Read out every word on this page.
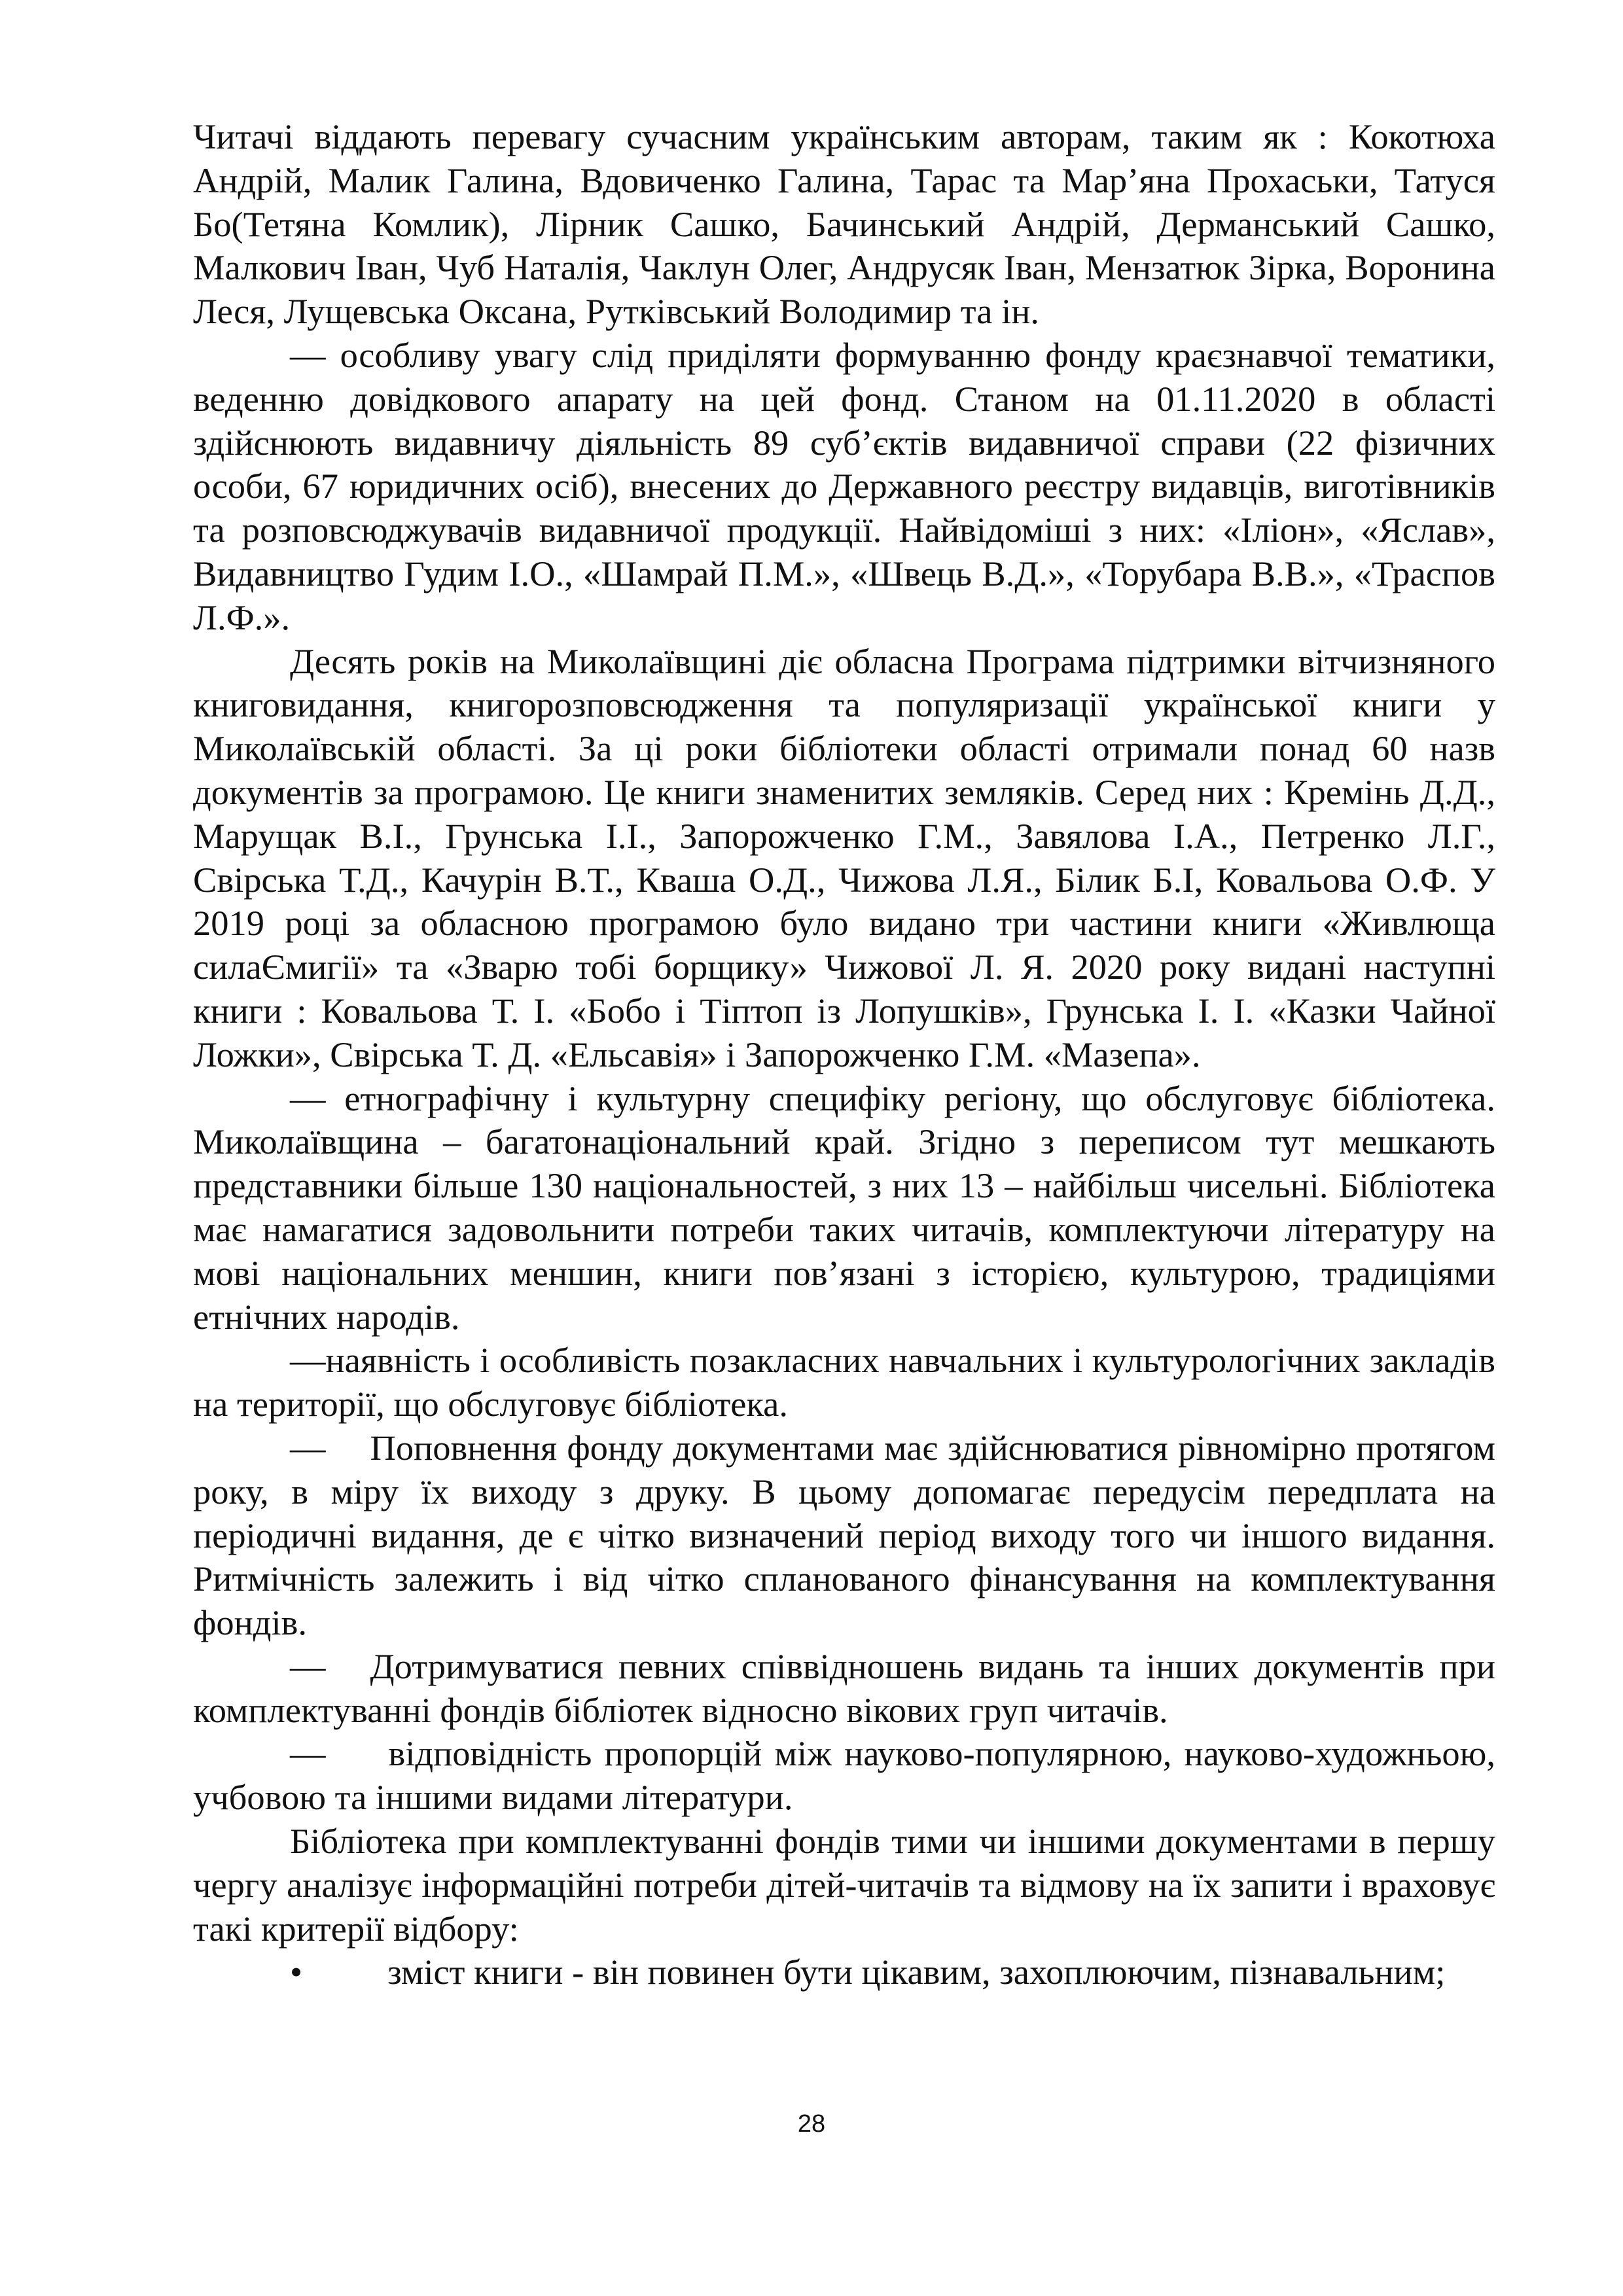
Читачі віддають перевагу сучасним українським авторам, таким як : Кокотюха Андрій, Малик Галина, Вдовиченко Галина, Тарас та Мар’яна Прохаськи, Татуся Бо(Тетяна Комлик), Лірник Сашко, Бачинський Андрій, Дерманський Сашко, Малкович Іван, Чуб Наталія, Чаклун Олег, Андрусяк Іван, Мензатюк Зірка, Воронина Леся, Лущевська Оксана, Рутківський Володимир та ін.

— особливу увагу слід приділяти формуванню фонду краєзнавчої тематики, веденню довідкового апарату на цей фонд. Станом на 01.11.2020 в області здійснюють видавничу діяльність 89 суб’єктів видавничої справи (22 фізичних особи, 67 юридичних осіб), внесених до Державного реєстру видавців, виготівників та розповсюджувачів видавничої продукції. Найвідоміші з них: «Іліон», «Яслав», Видавництво Гудим І.О., «Шамрай П.М.», «Швець В.Д.», «Торубара В.В.», «Траспов Л.Ф.».

Десять років на Миколаївщині діє обласна Програма підтримки вітчизняного книговидання, книгорозповсюдження та популяризації української книги у Миколаївській області. За ці роки бібліотеки області отримали понад 60 назв документів за програмою. Це книги знаменитих земляків. Серед них : Кремінь Д.Д., Марущак В.І., Грунська І.І., Запорожченко Г.М., Завялова І.А., Петренко Л.Г., Свірська Т.Д., Качурін В.Т., Кваша О.Д., Чижова Л.Я., Білик Б.І, Ковальова О.Ф. У 2019 році за обласною програмою було видано три частини книги «Живлюща силаЄмигії» та «Зварю тобі борщику» Чижової Л. Я. 2020 року видані наступні книги : Ковальова Т. І. «Бобо і Тіптоп із Лопушків», Грунська І. І. «Казки Чайної Ложки», Свірська Т. Д. «Ельсавія» і Запорожченко Г.М. «Мазепа».

— етнографічну і культурну специфіку регіону, що обслуговує бібліотека. Миколаївщина – багатонаціональний край. Згідно з переписом тут мешкають представники більше 130 національностей, з них 13 – найбільш чисельні. Бібліотека має намагатися задовольнити потреби таких читачів, комплектуючи літературу на мові національних меншин, книги пов’язані з історією, культурою, традиціями етнічних народів.

—наявність і особливість позакласних навчальних і культурологічних закладів на території, що обслуговує бібліотека.

— Поповнення фонду документами має здійснюватися рівномірно протягом року, в міру їх виходу з друку. В цьому допомагає передусім передплата на періодичні видання, де є чітко визначений період виходу того чи іншого видання. Ритмічність залежить і від чітко спланованого фінансування на комплектування фондів.

— Дотримуватися певних співвідношень видань та інших документів при комплектуванні фондів бібліотек відносно вікових груп читачів.

— відповідність пропорцій між науково-популярною, науково-художньою, учбовою та іншими видами літератури.

Бібліотека при комплектуванні фондів тими чи іншими документами в першу чергу аналізує інформаційні потреби дітей-читачів та відмову на їх запити і враховує такі критерії відбору:

• зміст книги - він повинен бути цікавим, захоплюючим, пізнавальним;

28
